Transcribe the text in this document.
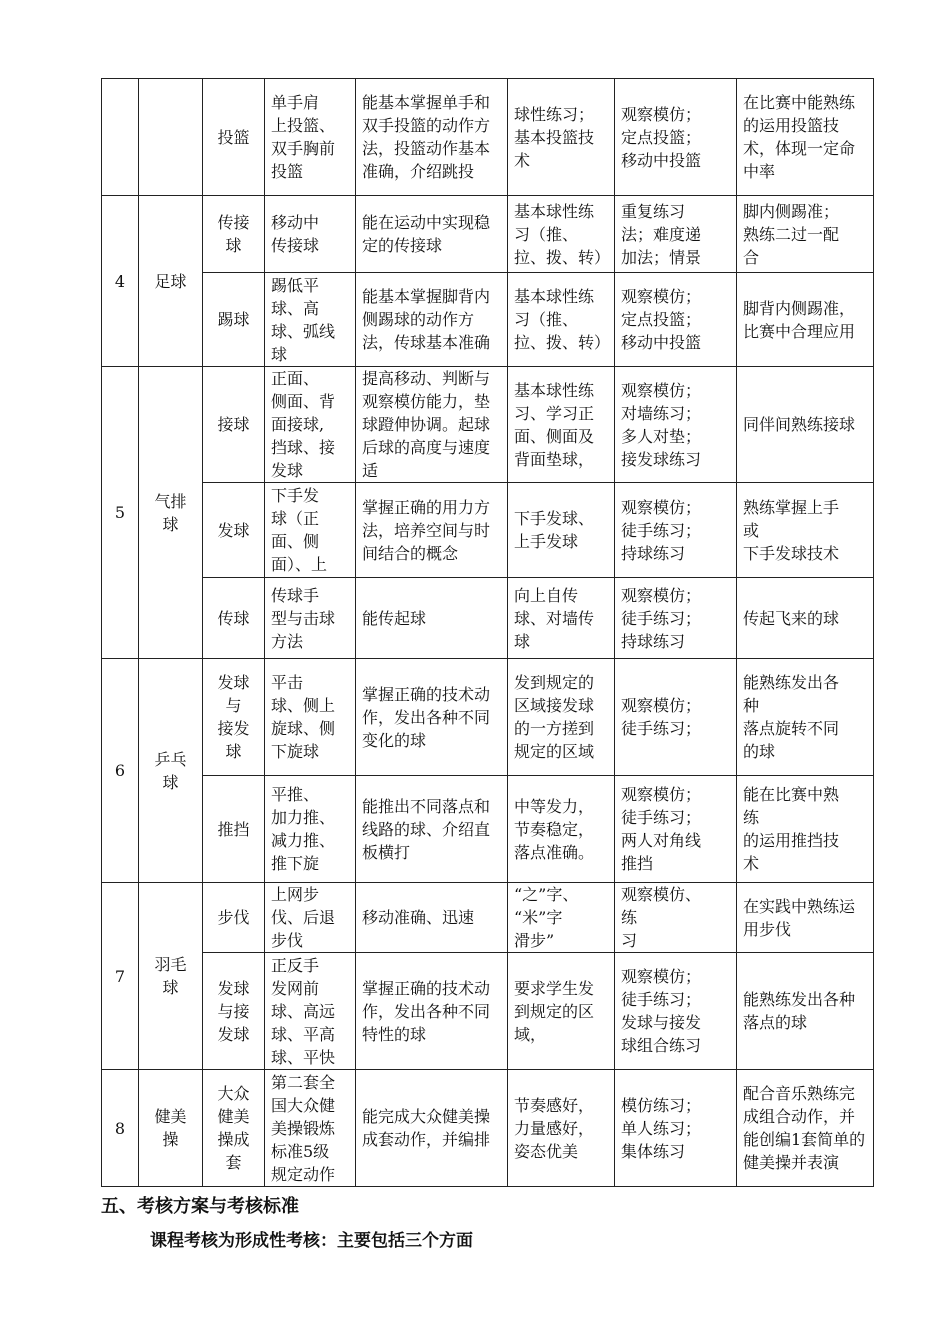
		投篮	单手肩
上投篮、
双手胸前
投篮	能基本掌握单手和双手投篮的动作方法，投篮动作基本准确，介绍跳投	球性练习；基本投篮技术	观察模仿；
定点投篮；
移动中投篮	在比赛中能熟练的运用投篮技术，体现一定命中率
4	足球	传接
球	移动中
传接球	能在运动中实现稳定的传接球	基本球性练习（推、拉、拨、转）	重复练习
法；难度递
加法；情景	脚内侧踢准；
熟练二过一配
合
		踢球	踢低平
球、高
球、弧线
球	能基本掌握脚背内侧踢球的动作方法，传球基本准确	基本球性练习（推、拉、拨、转）	观察模仿；
定点投篮；
移动中投篮	脚背内侧踢准，比赛中合理应用
5	气排
球	接球	正面、
侧面、背
面接球,
挡球、接
发球	提高移动、判断与观察模仿能力，垫球蹬伸协调。起球后球的高度与速度适	基本球性练习、学习正面、侧面及背面垫球，	观察模仿；
对墙练习；
多人对垫；
接发球练习	同伴间熟练接球
		发球	下手发
球（正
面、侧
面）、上	掌握正确的用力方法，培养空间与时间结合的概念	下手发球、上手发球	观察模仿；
徒手练习；
持球练习	熟练掌握上手
或
下手发球技术
		传球	传球手
型与击球
方法	能传起球	向上自传球、对墙传球	观察模仿；
徒手练习；
持球练习	传起飞来的球
6	乒乓
球	发球
与
接发
球	平击
球、侧上
旋球、侧
下旋球	掌握正确的技术动作，发出各种不同变化的球	发到规定的区域接发球的一方搓到规定的区域	观察模仿；
徒手练习；	能熟练发出各
种
落点旋转不同
的球
		推挡	平推、
加力推、
减力推、
推下旋	能推出不同落点和线路的球、介绍直板横打	中等发力，节奏稳定，落点准确。	观察模仿；
徒手练习；
两人对角线
推挡	能在比赛中熟
练
的运用推挡技
术
7	羽毛
球	步伐	上网步
伐、后退
步伐	移动准确、迅速	“之”字、
“米”字
滑步”	观察模仿、
练
习	在实践中熟练运用步伐
		发球
与接
发球	正反手
发网前
球、高远
球、平高
球、平快	掌握正确的技术动作，发出各种不同特性的球	要求学生发到规定的区域，	观察模仿；
徒手练习；
发球与接发
球组合练习	能熟练发出各种落点的球
8	健美
操	大众
健美
操成
套	第二套全
国大众健
美操锻炼
标准5级
规定动作	能完成大众健美操成套动作，并编排	节奏感好，力量感好，姿态优美	模仿练习；
单人练习；
集体练习	配合音乐熟练完成组合动作，并能创编1套简单的健美操并表演
五、考核方案与考核标准
课程考核为形成性考核：主要包括三个方面
